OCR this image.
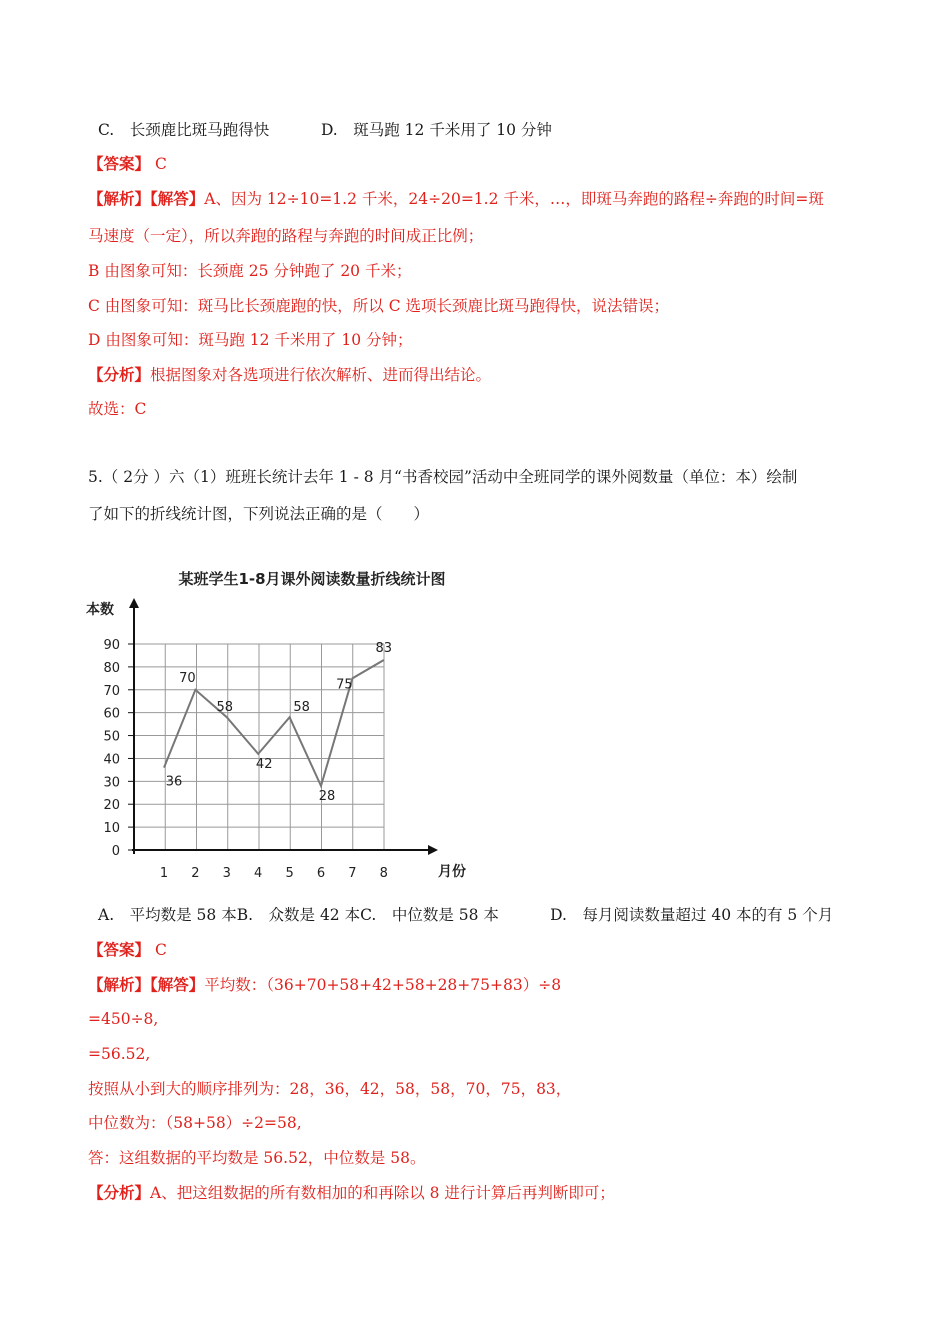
C.　长颈鹿比斑马跑得快	D.　斑马跑 12 千米用了 10 分钟
【答案】 C
【解析】【解答】A、因为 12÷10=1.2 千米，24÷20=1.2 千米，…，即斑马奔跑的路程÷奔跑的时间=斑
马速度（一定），所以奔跑的路程与奔跑的时间成正比例；
B 由图象可知：长颈鹿 25 分钟跑了 20 千米；
C 由图象可知：斑马比长颈鹿跑的快，所以 C 选项长颈鹿比斑马跑得快，说法错误；
D 由图象可知：斑马跑 12 千米用了 10 分钟；
【分析】根据图象对各选项进行依次解析、进而得出结论。
故选：C
5.（ 2分 ）六（1）班班长统计去年 1 - 8 月“书香校园”活动中全班同学的课外阅数量（单位：本）绘制
了如下的折线统计图，下列说法正确的是（　　）
某班学生1-8月课外阅读数量折线统计图
本数
月份
0
10
20
30
40
50
60
70
80
90
1 2 3 4 5 6 7 8
36
70
58
42
58
28
75
83
A.　平均数是 58 本B.　众数是 42 本C.　中位数是 58 本	D.　每月阅读数量超过 40 本的有 5 个月
【答案】 C
【解析】【解答】平均数：（36+70+58+42+58+28+75+83）÷8
=450÷8,
=56.52,
按照从小到大的顺序排列为：28，36，42，58，58，70，75，83，
中位数为：（58+58）÷2=58,
答：这组数据的平均数是 56.52，中位数是 58。
【分析】A、把这组数据的所有数相加的和再除以 8 进行计算后再判断即可；
